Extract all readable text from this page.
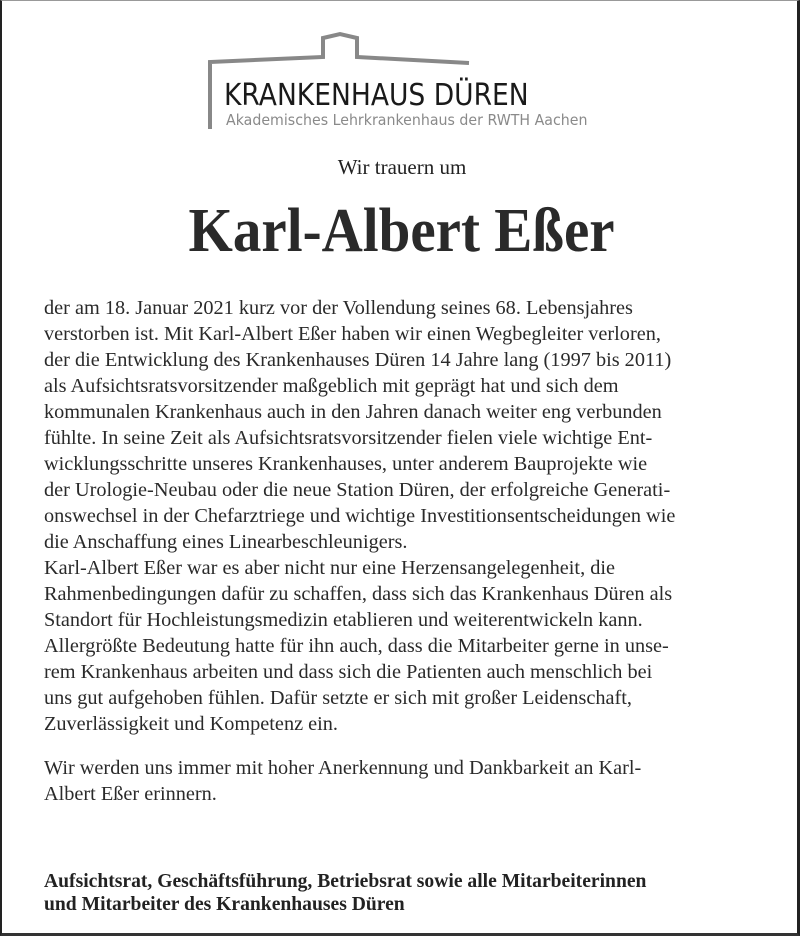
KRANKENHAUS DÜREN
Akademisches Lehrkrankenhaus der RWTH Aachen
Wir trauern um
Karl-Albert Eßer
der am 18. Januar 2021 kurz vor der Vollendung seines 68. Lebensjahres
verstorben ist. Mit Karl-Albert Eßer haben wir einen Wegbegleiter verloren,
der die Entwicklung des Krankenhauses Düren 14 Jahre lang (1997 bis 2011)
als Aufsichtsratsvorsitzender maßgeblich mit geprägt hat und sich dem
kommunalen Krankenhaus auch in den Jahren danach weiter eng verbunden
fühlte. In seine Zeit als Aufsichtsratsvorsitzender fielen viele wichtige Ent-
wicklungsschritte unseres Krankenhauses, unter anderem Bauprojekte wie
der Urologie-Neubau oder die neue Station Düren, der erfolgreiche Generati-
onswechsel in der Chefarztriege und wichtige Investitionsentscheidungen wie
die Anschaffung eines Linearbeschleunigers.
Karl-Albert Eßer war es aber nicht nur eine Herzensangelegenheit, die
Rahmenbedingungen dafür zu schaffen, dass sich das Krankenhaus Düren als
Standort für Hochleistungsmedizin etablieren und weiterentwickeln kann.
Allergrößte Bedeutung hatte für ihn auch, dass die Mitarbeiter gerne in unse-
rem Krankenhaus arbeiten und dass sich die Patienten auch menschlich bei
uns gut aufgehoben fühlen. Dafür setzte er sich mit großer Leidenschaft,
Zuverlässigkeit und Kompetenz ein.
Wir werden uns immer mit hoher Anerkennung und Dankbarkeit an Karl-
Albert Eßer erinnern.
Aufsichtsrat, Geschäftsführung, Betriebsrat sowie alle Mitarbeiterinnen
und Mitarbeiter des Krankenhauses Düren
